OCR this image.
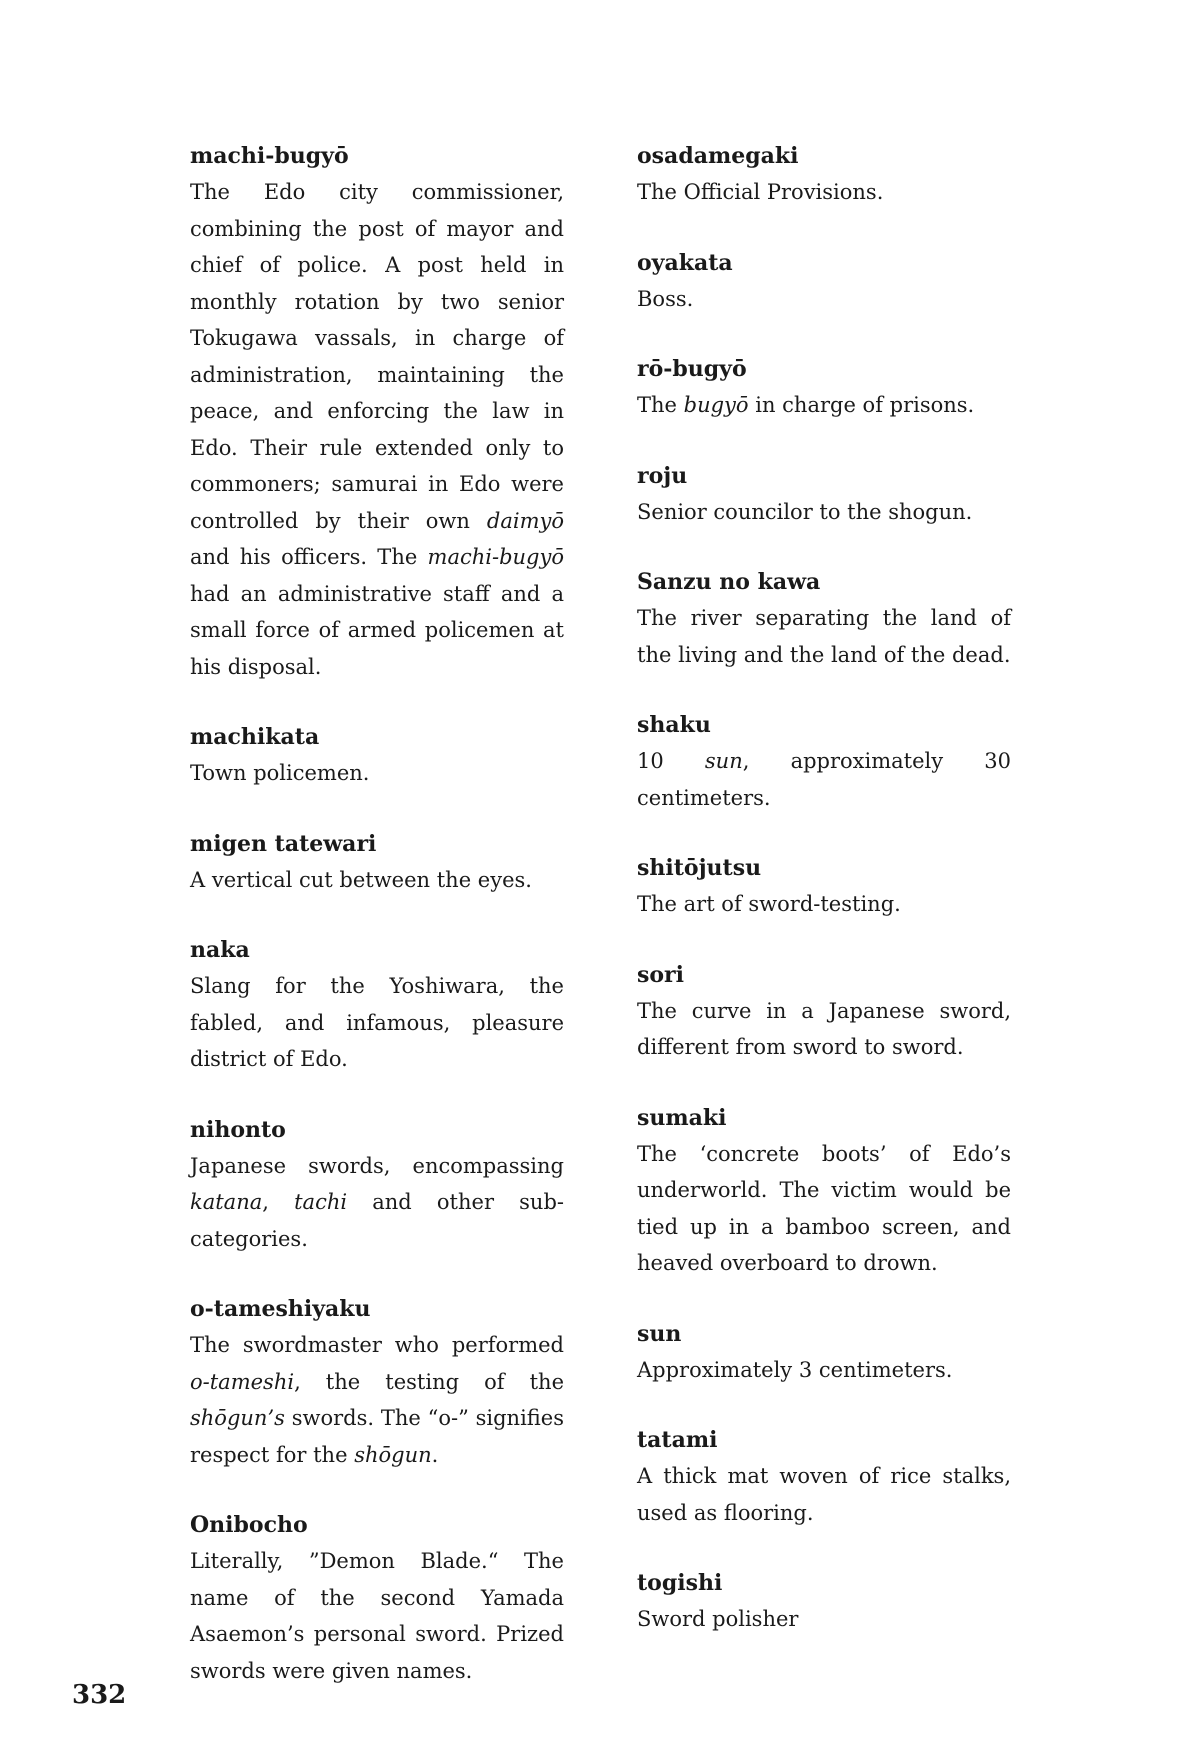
machi-bugyō
The Edo city commissioner, combining the post of mayor and chief of police. A post held in monthly rotation by two senior Tokugawa vassals, in charge of administration, maintaining the peace, and enforcing the law in Edo. Their rule extended only to commoners; samurai in Edo were controlled by their own daimyō and his officers. The machi-bugyō had an administrative staff and a small force of armed policemen at his disposal.
machikata
Town policemen.
migen tatewari
A vertical cut between the eyes.
naka
Slang for the Yoshiwara, the fabled, and infamous, pleasure district of Edo.
nihonto
Japanese swords, encompassing katana, tachi and other sub-categories.
o-tameshiyaku
The swordmaster who performed o-tameshi, the testing of the shōgun’s swords. The “o-” signifies respect for the shōgun.
Onibocho
Literally, ”Demon Blade.“ The name of the second Yamada Asaemon’s personal sword. Prized swords were given names.
osadamegaki
The Official Provisions.
oyakata
Boss.
rō-bugyō
The bugyō in charge of prisons.
roju
Senior councilor to the shogun.
Sanzu no kawa
The river separating the land of the living and the land of the dead.
shaku
10 sun, approximately 30 centimeters.
shitōjutsu
The art of sword-testing.
sori
The curve in a Japanese sword, different from sword to sword.
sumaki
The ‘concrete boots’ of Edo’s underworld. The victim would be tied up in a bamboo screen, and heaved overboard to drown.
sun
Approximately 3 centimeters.
tatami
A thick mat woven of rice stalks, used as flooring.
togishi
Sword polisher
332
